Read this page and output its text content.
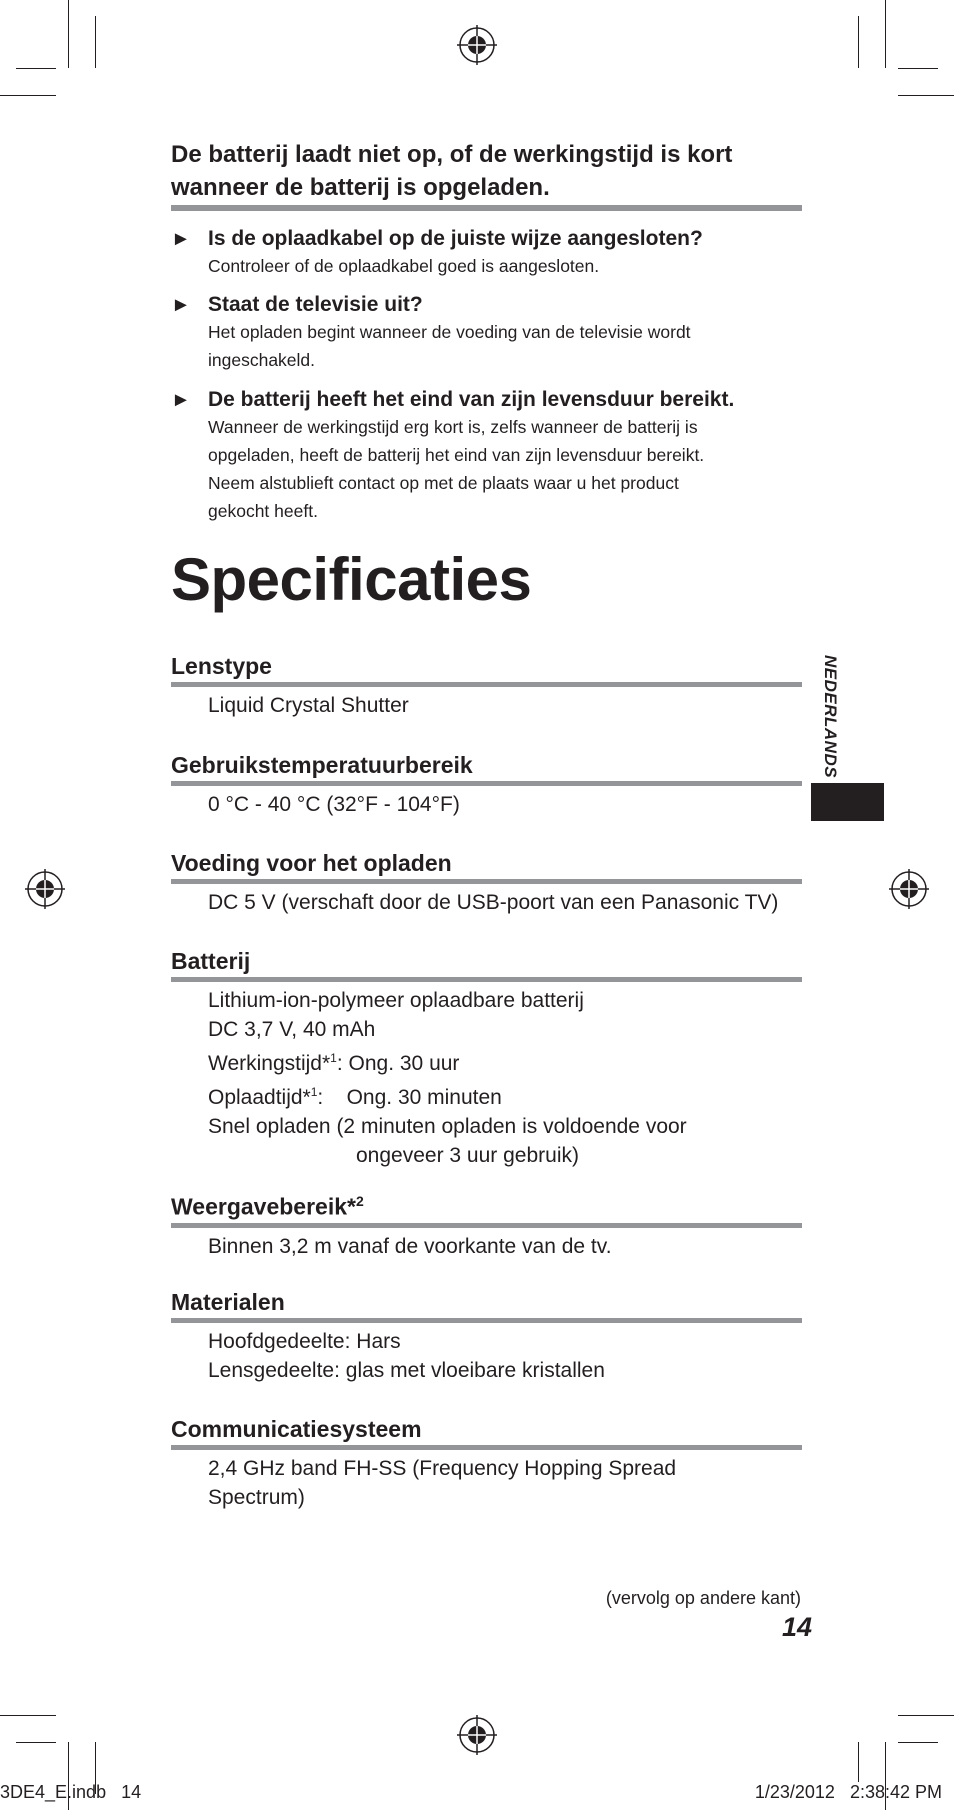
De batterij laadt niet op, of de werkingstijd is kort
wanneer de batterij is opgeladen.
► Is de oplaadkabel op de juiste wijze aangesloten?
Controleer of de oplaadkabel goed is aangesloten.
► Staat de televisie uit?
Het opladen begint wanneer de voeding van de televisie wordt
ingeschakeld.
► De batterij heeft het eind van zijn levensduur bereikt.
Wanneer de werkingstijd erg kort is, zelfs wanneer de batterij is
opgeladen, heeft de batterij het eind van zijn levensduur bereikt.
Neem alstublieft contact op met de plaats waar u het product
gekocht heeft.
Specificaties
Lenstype
Liquid Crystal Shutter
Gebruikstemperatuurbereik
0 °C - 40 °C (32°F - 104°F)
Voeding voor het opladen
DC 5 V (verschaft door de USB-poort van een Panasonic TV)
Batterij
Lithium-ion-polymeer oplaadbare batterij
DC 3,7 V, 40 mAh
Werkingstijd*$^1$: Ong. 30 uur
Oplaadtijd*$^1$:    Ong. 30 minuten
Snel opladen (2 minuten opladen is voldoende voor
ongeveer 3 uur gebruik)
Weergavebereik*$^2$
Binnen 3,2 m vanaf de voorkante van de tv.
Materialen
Hoofdgedeelte: Hars
Lensgedeelte: glas met vloeibare kristallen
Communicatiesysteem
2,4 GHz band FH-SS (Frequency Hopping Spread
Spectrum)
NEDERLANDS
(vervolg op andere kant)
14
3DE4_E.indb   14	1/23/2012   2:38:42 PM
